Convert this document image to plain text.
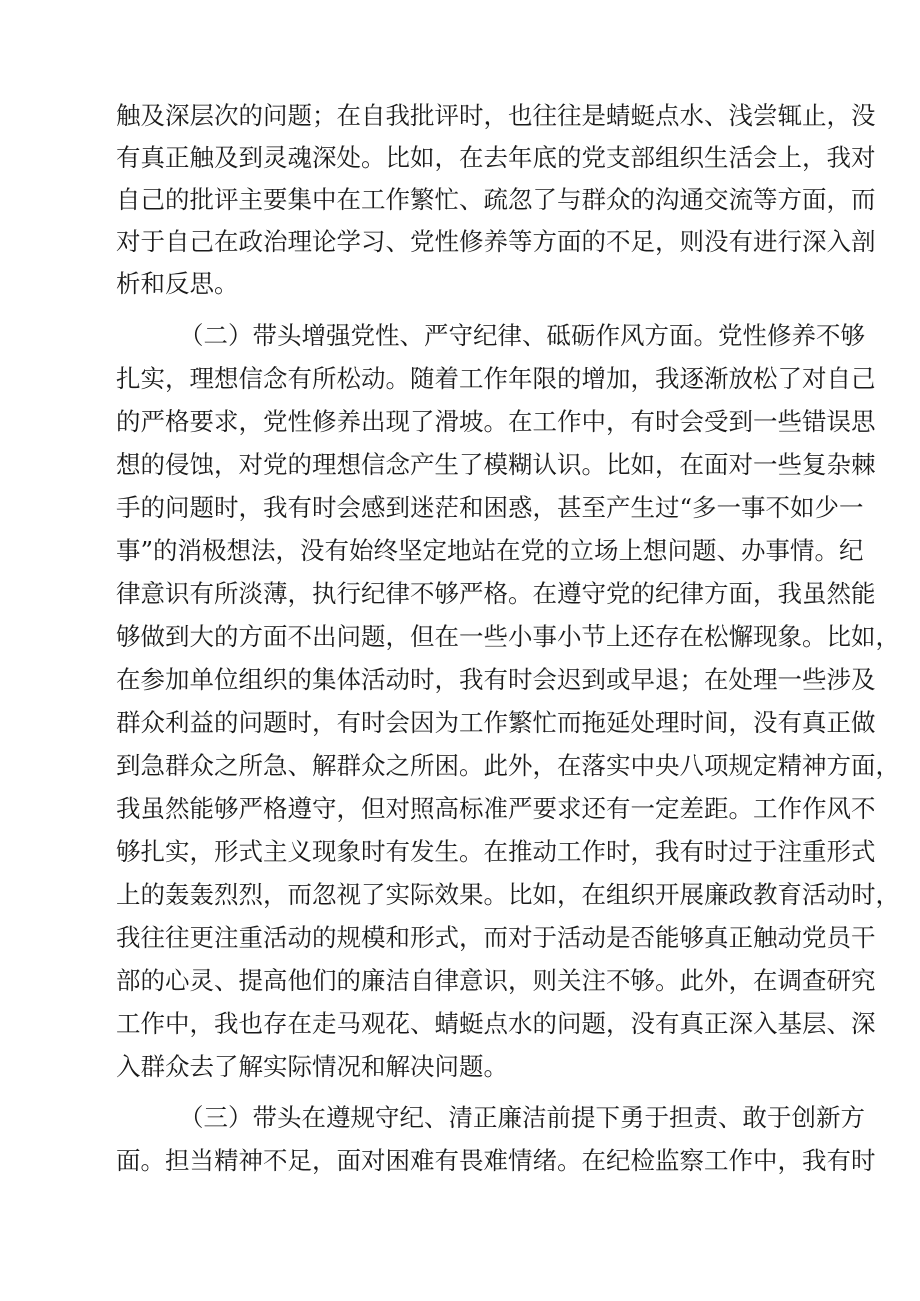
触及深层次的问题；在自我批评时，也往往是蜻蜓点水、浅尝辄止，没
有真正触及到灵魂深处。比如，在去年底的党支部组织生活会上，我对
自己的批评主要集中在工作繁忙、疏忽了与群众的沟通交流等方面，而
对于自己在政治理论学习、党性修养等方面的不足，则没有进行深入剖
析和反思。
（二）带头增强党性、严守纪律、砥砺作风方面。党性修养不够
扎实，理想信念有所松动。随着工作年限的增加，我逐渐放松了对自己
的严格要求，党性修养出现了滑坡。在工作中，有时会受到一些错误思
想的侵蚀，对党的理想信念产生了模糊认识。比如，在面对一些复杂棘
手的问题时，我有时会感到迷茫和困惑，甚至产生过“多一事不如少一
事”的消极想法，没有始终坚定地站在党的立场上想问题、办事情。纪
律意识有所淡薄，执行纪律不够严格。在遵守党的纪律方面，我虽然能
够做到大的方面不出问题，但在一些小事小节上还存在松懈现象。比如，
在参加单位组织的集体活动时，我有时会迟到或早退；在处理一些涉及
群众利益的问题时，有时会因为工作繁忙而拖延处理时间，没有真正做
到急群众之所急、解群众之所困。此外，在落实中央八项规定精神方面，
我虽然能够严格遵守，但对照高标准严要求还有一定差距。工作作风不
够扎实，形式主义现象时有发生。在推动工作时，我有时过于注重形式
上的轰轰烈烈，而忽视了实际效果。比如，在组织开展廉政教育活动时，
我往往更注重活动的规模和形式，而对于活动是否能够真正触动党员干
部的心灵、提高他们的廉洁自律意识，则关注不够。此外，在调查研究
工作中，我也存在走马观花、蜻蜓点水的问题，没有真正深入基层、深
入群众去了解实际情况和解决问题。
（三）带头在遵规守纪、清正廉洁前提下勇于担责、敢于创新方
面。担当精神不足，面对困难有畏难情绪。在纪检监察工作中，我有时
